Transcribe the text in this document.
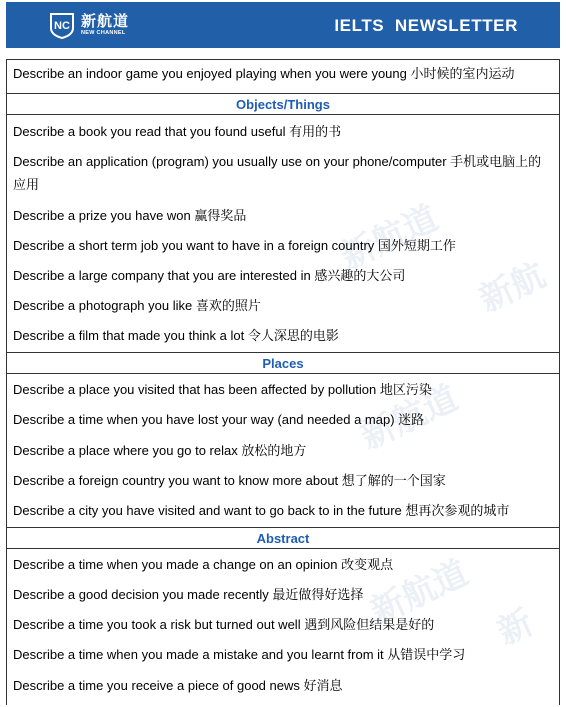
NC 新航道
NEW CHANNEL	IELTS  NEWSLETTER
新航道
新航
新航道
新航道 新
Describe an indoor game you enjoyed playing when you were young 小时候的室内运动
Objects/Things
Describe a book you read that you found useful 有用的书
Describe an application (program) you usually use on your phone/computer 手机或电脑上的应用
Describe a prize you have won 赢得奖品
Describe a short term job you want to have in a foreign country 国外短期工作
Describe a large company that you are interested in 感兴趣的大公司
Describe a photograph you like 喜欢的照片
Describe a film that made you think a lot 令人深思的电影
Places
Describe a place you visited that has been affected by pollution 地区污染
Describe a time when you have lost your way (and needed a map) 迷路
Describe a place where you go to relax 放松的地方
Describe a foreign country you want to know more about 想了解的一个国家
Describe a city you have visited and want to go back to in the future 想再次参观的城市
Abstract
Describe a time when you made a change on an opinion 改变观点
Describe a good decision you made recently 最近做得好选择
Describe a time you took a risk but turned out well 遇到风险但结果是好的
Describe a time when you made a mistake and you learnt from it 从错误中学习
Describe a time you receive a piece of good news 好消息
